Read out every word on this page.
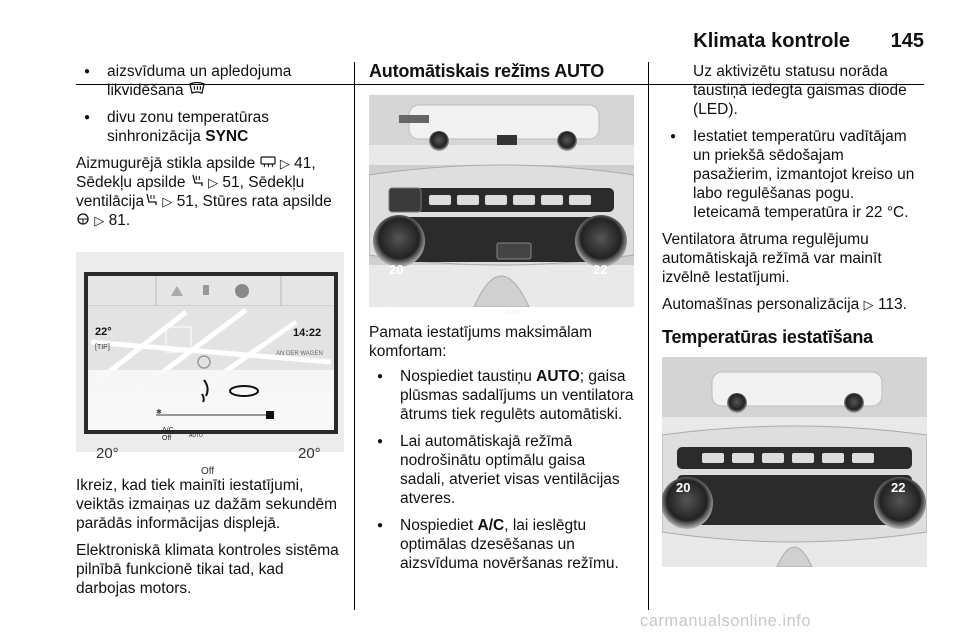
Klimata kontrole 145
● aizsvīduma un apledojuma likvidēšana
● divu zonu temperatūras sinhronizācija SYNC
Aizmugurējā stikla apsilde ▷ 41, Sēdekļu apsilde ▷ 51, Sēdekļu ventilācija ▷ 51, Stūres rata apsilde  ▷ 81.
AN DER WAGEN
✱
22°
[TIP]
14:22
20°	20°
A/C Off	AUTO
Off
Ikreiz, kad tiek mainīti iestatījumi, veiktās izmaiņas uz dažām sekundēm parādās informācijas displejā.
Elektroniskā klimata kontroles sistēma pilnībā funkcionē tikai tad, kad darbojas motors.
Automātiskais režīms AUTO
A/C
AUTO
20	22
Pamata iestatījums maksimālam komfortam:
● Nospiediet taustiņu AUTO; gaisa plūsmas sadalījums un ventilatora ātrums tiek regulēts automātiski.
● Lai automātiskajā režīmā nodrošinātu optimālu gaisa sadali, atveriet visas ventilācijas atveres.
● Nospiediet A/C, lai ieslēgtu optimālas dzesēšanas un aizsvīduma novēršanas režīmu.
Uz aktivizētu statusu norāda taustiņā iedegta gaismas diode (LED).
● Iestatiet temperatūru vadītājam un priekšā sēdošajam pasažierim, izmantojot kreiso un labo regulēšanas pogu.
Ieteicamā temperatūra ir 22 °C.
Ventilatora ātruma regulējumu automātiskajā režīmā var mainīt izvēlnē Iestatījumi.
Automašīnas personalizācija ▷ 113.
Temperatūras iestatīšana
20	22
carmanualsonline.info
